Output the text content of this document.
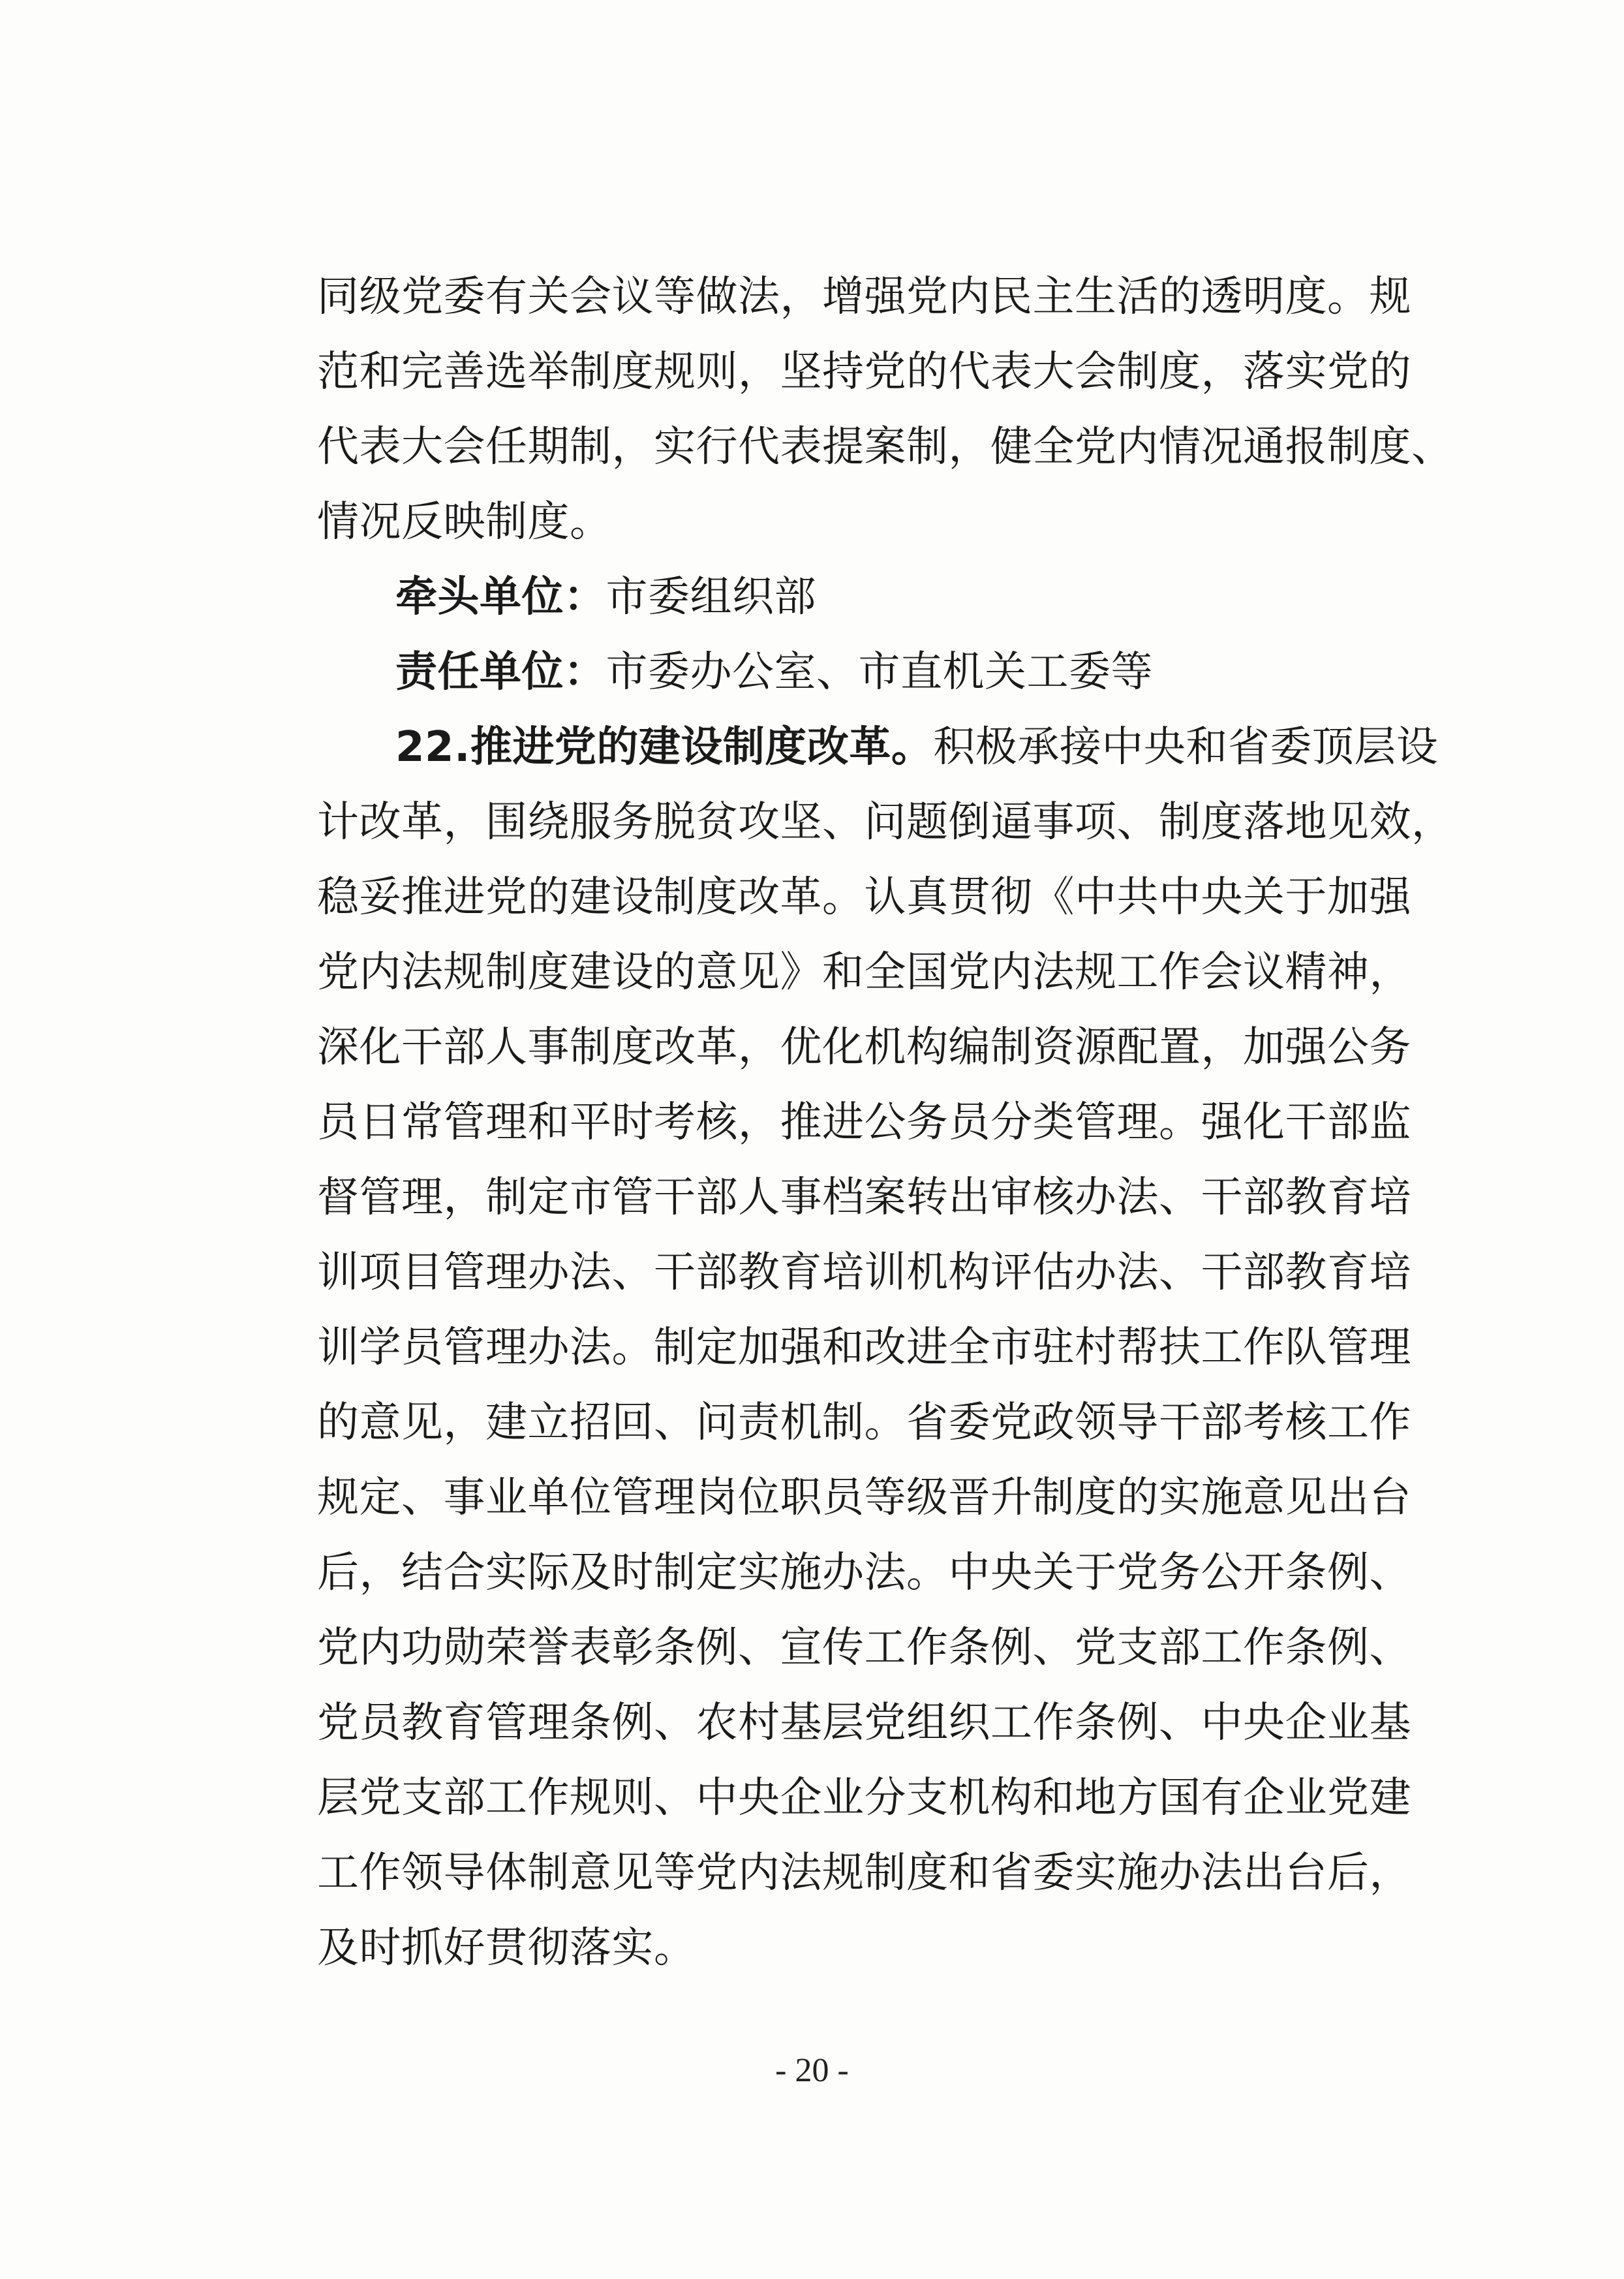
同级党委有关会议等做法，增强党内民主生活的透明度。规
范和完善选举制度规则，坚持党的代表大会制度，落实党的
代表大会任期制，实行代表提案制，健全党内情况通报制度、
情况反映制度。
牵头单位：市委组织部
责任单位：市委办公室、市直机关工委等
22.推进党的建设制度改革。积极承接中央和省委顶层设
计改革，围绕服务脱贫攻坚、问题倒逼事项、制度落地见效，
稳妥推进党的建设制度改革。认真贯彻《中共中央关于加强
党内法规制度建设的意见》和全国党内法规工作会议精神，
深化干部人事制度改革，优化机构编制资源配置，加强公务
员日常管理和平时考核，推进公务员分类管理。强化干部监
督管理，制定市管干部人事档案转出审核办法、干部教育培
训项目管理办法、干部教育培训机构评估办法、干部教育培
训学员管理办法。制定加强和改进全市驻村帮扶工作队管理
的意见，建立招回、问责机制。省委党政领导干部考核工作
规定、事业单位管理岗位职员等级晋升制度的实施意见出台
后，结合实际及时制定实施办法。中央关于党务公开条例、
党内功勋荣誉表彰条例、宣传工作条例、党支部工作条例、
党员教育管理条例、农村基层党组织工作条例、中央企业基
层党支部工作规则、中央企业分支机构和地方国有企业党建
工作领导体制意见等党内法规制度和省委实施办法出台后，
及时抓好贯彻落实。
- 20 -
